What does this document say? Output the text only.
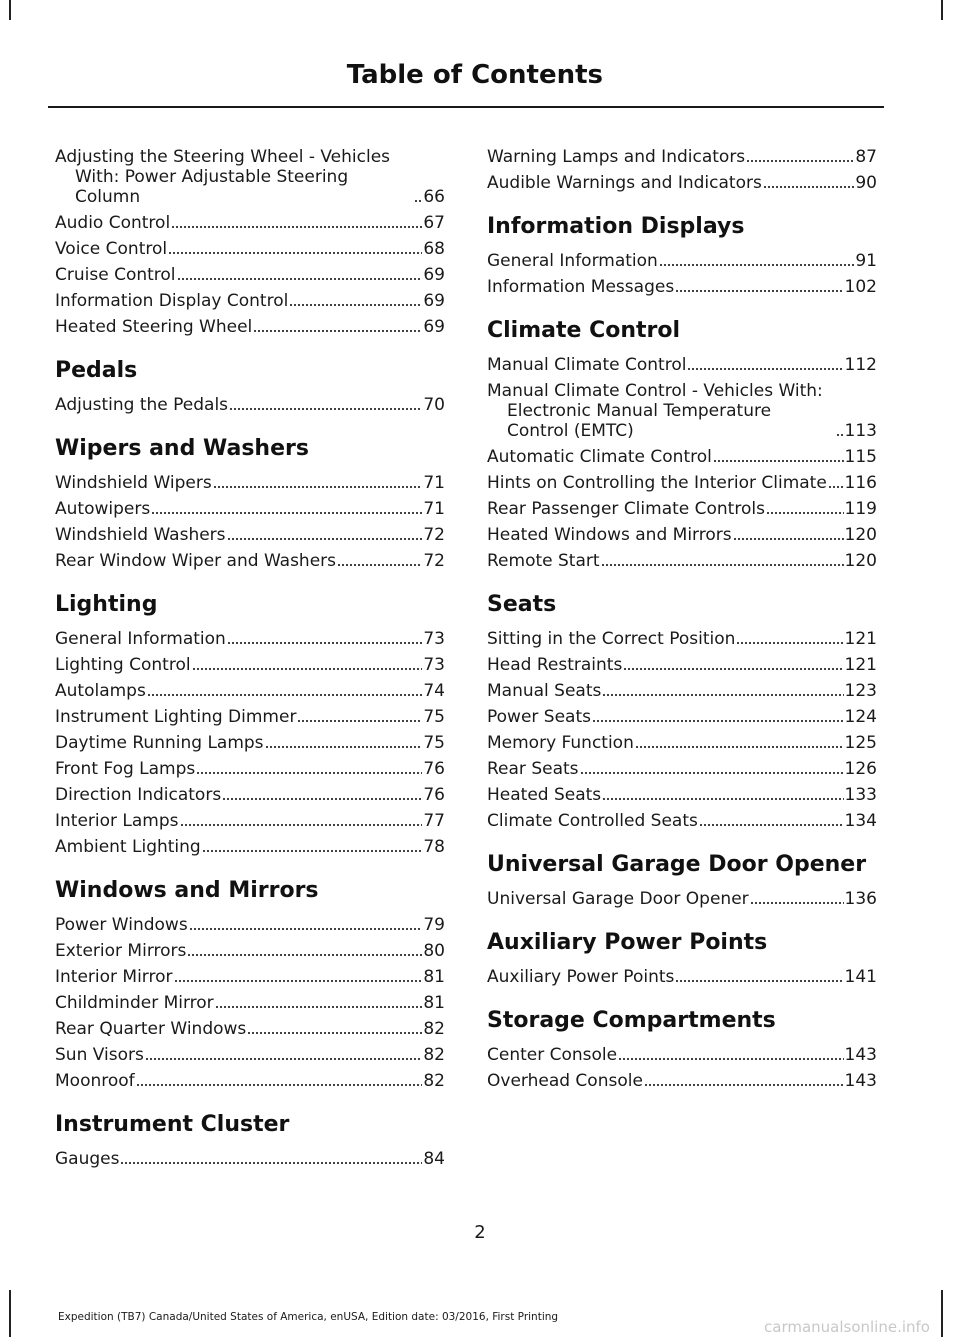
Table of Contents
Adjusting the Steering Wheel - Vehicles With: Power Adjustable Steering Column	66
Audio Control	67
Voice Control	68
Cruise Control	69
Information Display Control	69
Heated Steering Wheel	69
Pedals
Adjusting the Pedals	70
Wipers and Washers
Windshield Wipers	71
Autowipers	71
Windshield Washers	72
Rear Window Wiper and Washers	72
Lighting
General Information	73
Lighting Control	73
Autolamps	74
Instrument Lighting Dimmer	75
Daytime Running Lamps	75
Front Fog Lamps	76
Direction Indicators	76
Interior Lamps	77
Ambient Lighting	78
Windows and Mirrors
Power Windows	79
Exterior Mirrors	80
Interior Mirror	81
Childminder Mirror	81
Rear Quarter Windows	82
Sun Visors	82
Moonroof	82
Instrument Cluster
Gauges	84
Warning Lamps and Indicators	87
Audible Warnings and Indicators	90
Information Displays
General Information	91
Information Messages	102
Climate Control
Manual Climate Control	112
Manual Climate Control - Vehicles With: Electronic Manual Temperature Control (EMTC)	113
Automatic Climate Control	115
Hints on Controlling the Interior Climate 116
Rear Passenger Climate Controls	119
Heated Windows and Mirrors	120
Remote Start	120
Seats
Sitting in the Correct Position	121
Head Restraints	121
Manual Seats	123
Power Seats	124
Memory Function	125
Rear Seats	126
Heated Seats	133
Climate Controlled Seats	134
Universal Garage Door Opener
Universal Garage Door Opener	136
Auxiliary Power Points
Auxiliary Power Points	141
Storage Compartments
Center Console	143
Overhead Console	143

2

Expedition (TB7) Canada/United States of America, enUSA, Edition date: 03/2016, First Printing

carmanualsonline.info
